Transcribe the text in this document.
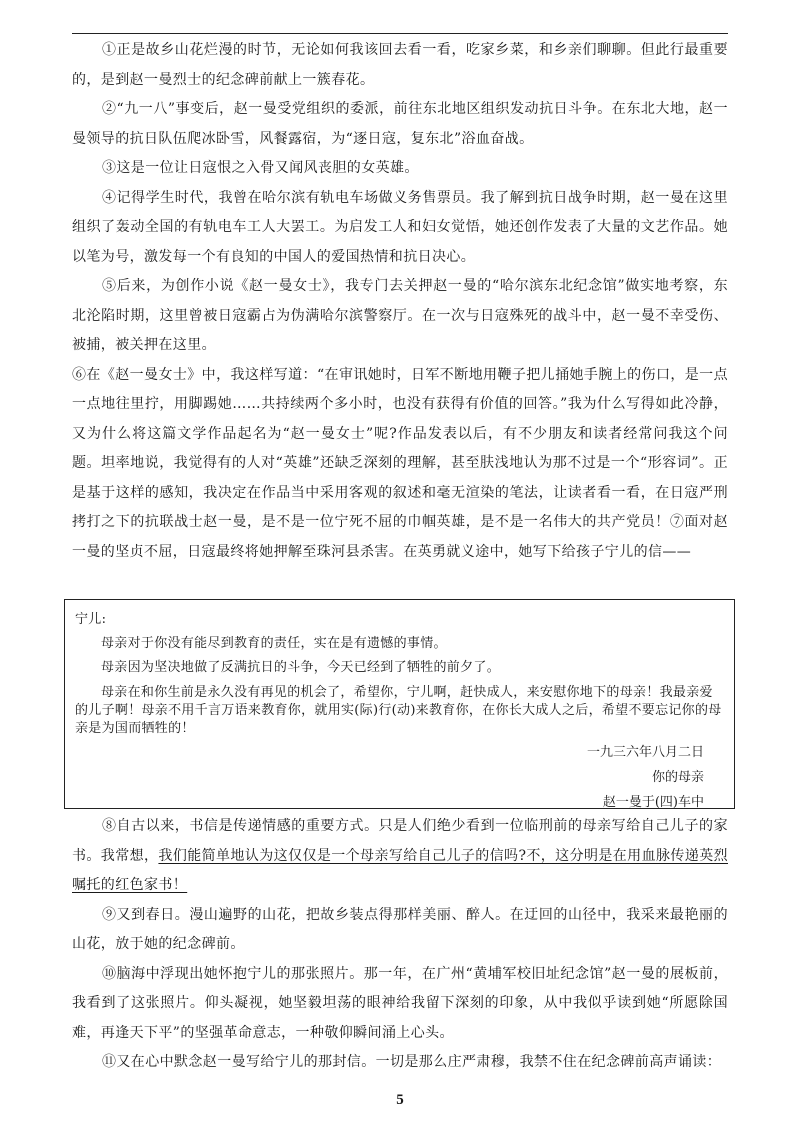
①正是故乡山花烂漫的时节，无论如何我该回去看一看，吃家乡菜，和乡亲们聊聊。但此行最重要的，是到赵一曼烈士的纪念碑前献上一簇春花。

②“九一八”事变后，赵一曼受党组织的委派，前往东北地区组织发动抗日斗争。在东北大地，赵一曼领导的抗日队伍爬冰卧雪，风餐露宿，为“逐日寇，复东北”浴血奋战。

③这是一位让日寇恨之入骨又闻风丧胆的女英雄。

④记得学生时代，我曾在哈尔滨有轨电车场做义务售票员。我了解到抗日战争时期，赵一曼在这里组织了轰动全国的有轨电车工人大罢工。为启发工人和妇女觉悟，她还创作发表了大量的文艺作品。她以笔为号，激发每一个有良知的中国人的爱国热情和抗日决心。

⑤后来，为创作小说《赵一曼女士》，我专门去关押赵一曼的“哈尔滨东北纪念馆”做实地考察，东北沦陷时期，这里曾被日寇霸占为伪满哈尔滨警察厅。在一次与日寇殊死的战斗中，赵一曼不幸受伤、被捕，被关押在这里。

⑥在《赵一曼女士》中，我这样写道：“在审讯她时，日军不断地用鞭子把儿捅她手腕上的伤口，是一点一点地往里拧，用脚踢她……共持续两个多小时，也没有获得有价值的回答。”我为什么写得如此冷静，又为什么将这篇文学作品起名为“赵一曼女士”呢?作品发表以后，有不少朋友和读者经常问我这个问题。坦率地说，我觉得有的人对“英雄”还缺乏深刻的理解，甚至肤浅地认为那不过是一个“形容词”。正是基于这样的感知，我决定在作品当中采用客观的叙述和毫无渲染的笔法，让读者看一看，在日寇严刑拷打之下的抗联战士赵一曼，是不是一位宁死不屈的巾帼英雄，是不是一名伟大的共产党员！⑦面对赵一曼的坚贞不屈，日寇最终将她押解至珠河县杀害。在英勇就义途中，她写下给孩子宁儿的信——

宁儿:

母亲对于你没有能尽到教育的责任，实在是有遗憾的事情。

母亲因为坚决地做了反满抗日的斗争，今天已经到了牺牲的前夕了。

母亲在和你生前是永久没有再见的机会了，希望你，宁儿啊，赶快成人，来安慰你地下的母亲！我最亲爱的儿子啊！母亲不用千言万语来教育你，就用实(际)行(动)来教育你，在你长大成人之后，希望不要忘记你的母亲是为国而牺牲的！

一九三六年八月二日

你的母亲

赵一曼于(四)车中

⑧自古以来，书信是传递情感的重要方式。只是人们绝少看到一位临刑前的母亲写给自己儿子的家书。我常想，我们能简单地认为这仅仅是一个母亲写给自己儿子的信吗?不，这分明是在用血脉传递英烈嘱托的红色家书！

⑨又到春日。漫山遍野的山花，把故乡装点得那样美丽、醉人。在迂回的山径中，我采来最艳丽的山花，放于她的纪念碑前。

⑩脑海中浮现出她怀抱宁儿的那张照片。那一年，在广州“黄埔军校旧址纪念馆”赵一曼的展板前，我看到了这张照片。仰头凝视，她坚毅坦荡的眼神给我留下深刻的印象，从中我似乎读到她“所愿除国难，再逢天下平”的坚强革命意志，一种敬仰瞬间涌上心头。

⑪又在心中默念赵一曼写给宁儿的那封信。一切是那么庄严肃穆，我禁不住在纪念碑前高声诵读：

5
